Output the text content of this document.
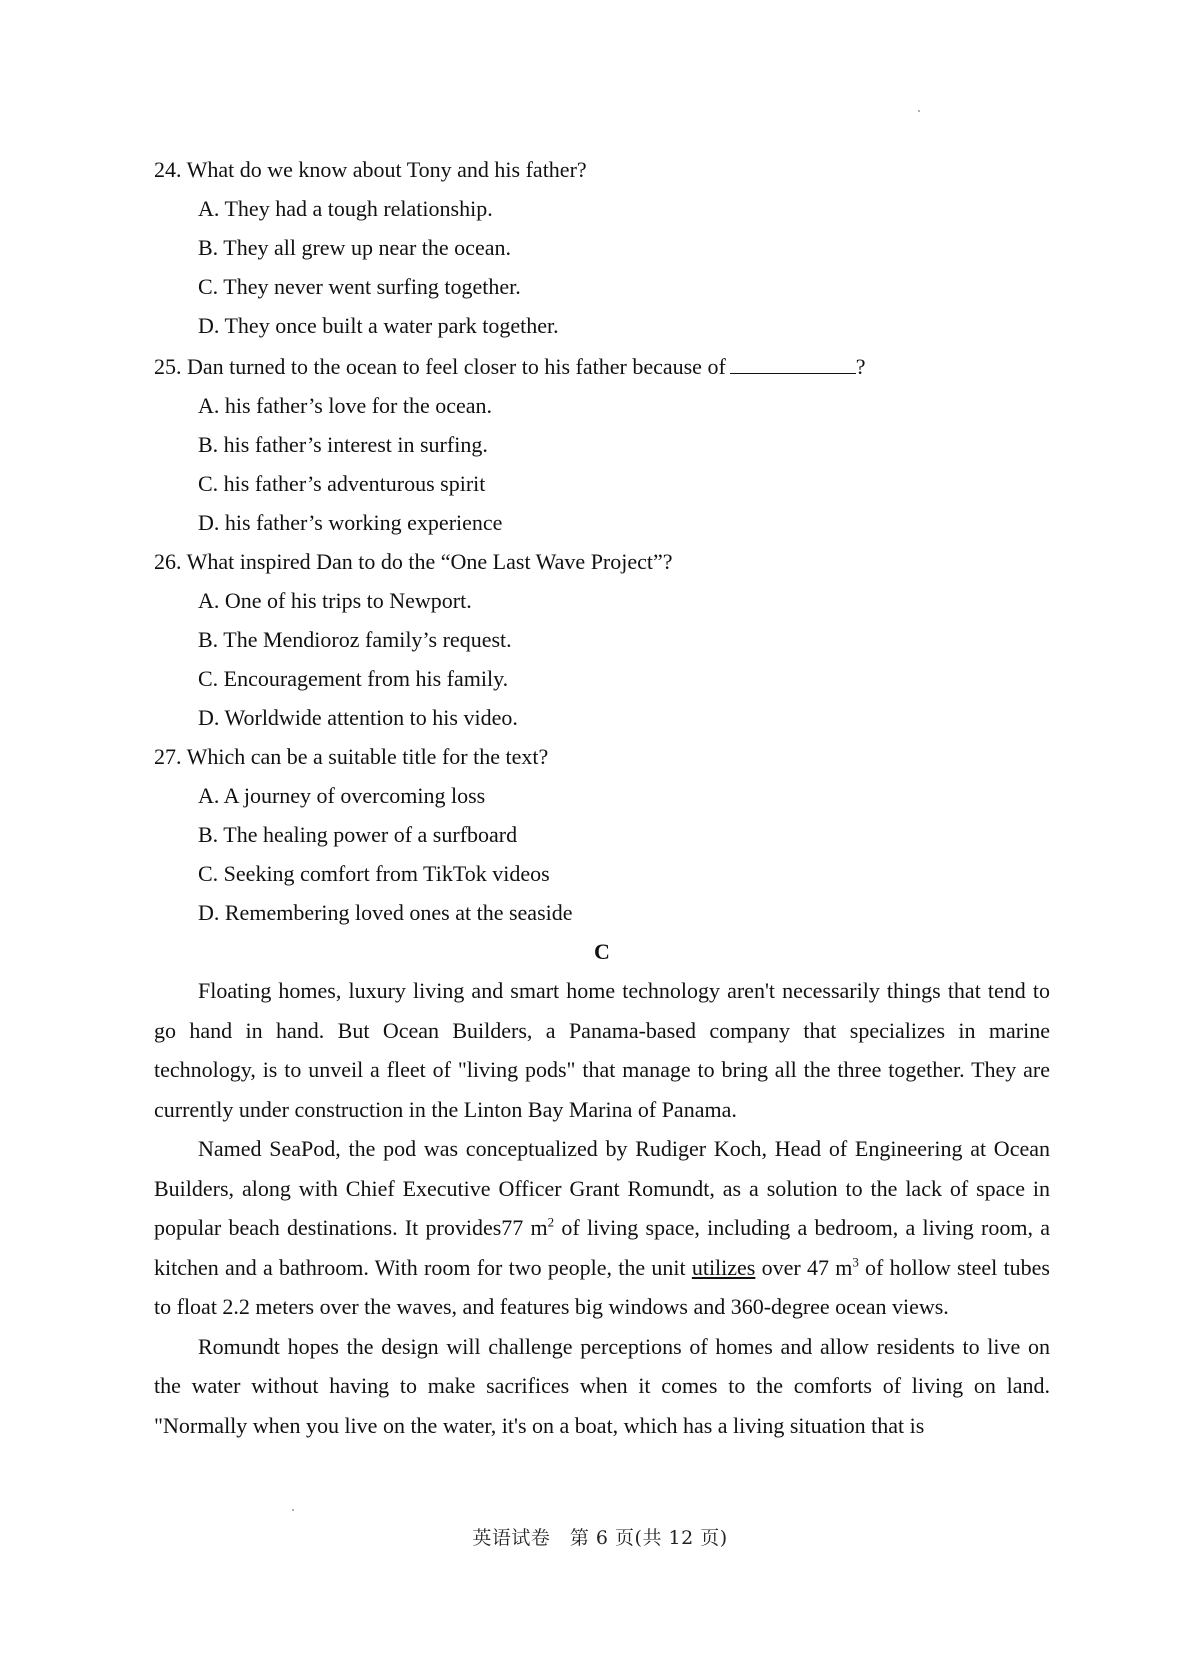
24. What do we know about Tony and his father?
A. They had a tough relationship.
B. They all grew up near the ocean.
C. They never went surfing together.
D. They once built a water park together.
25. Dan turned to the ocean to feel closer to his father because of	?
A. his father’s love for the ocean.
B. his father’s interest in surfing.
C. his father’s adventurous spirit
D. his father’s working experience
26. What inspired Dan to do the “One Last Wave Project”?
A. One of his trips to Newport.
B. The Mendioroz family’s request.
C. Encouragement from his family.
D. Worldwide attention to his video.
27. Which can be a suitable title for the text?
A. A journey of overcoming loss
B. The healing power of a surfboard
C. Seeking comfort from TikTok videos
D. Remembering loved ones at the seaside
C

Floating homes, luxury living and smart home technology aren't necessarily things that tend to go hand in hand. But Ocean Builders, a Panama-based company that specializes in marine technology, is to unveil a fleet of "living pods" that manage to bring all the three together. They are currently under construction in the Linton Bay Marina of Panama.

Named SeaPod, the pod was conceptualized by Rudiger Koch, Head of Engineering at Ocean Builders, along with Chief Executive Officer Grant Romundt, as a solution to the lack of space in popular beach destinations. It provides77 $m^2$ of living space, including a bedroom, a living room, a kitchen and a bathroom. With room for two people, the unit utilizes over 47 $m^3$ of hollow steel tubes to float 2.2 meters over the waves, and features big windows and 360-degree ocean views.

Romundt hopes the design will challenge perceptions of homes and allow residents to live on the water without having to make sacrifices when it comes to the comforts of living on land. "Normally when you live on the water, it's on a boat, which has a living situation that is

英语试卷　第 6 页(共 12 页)
